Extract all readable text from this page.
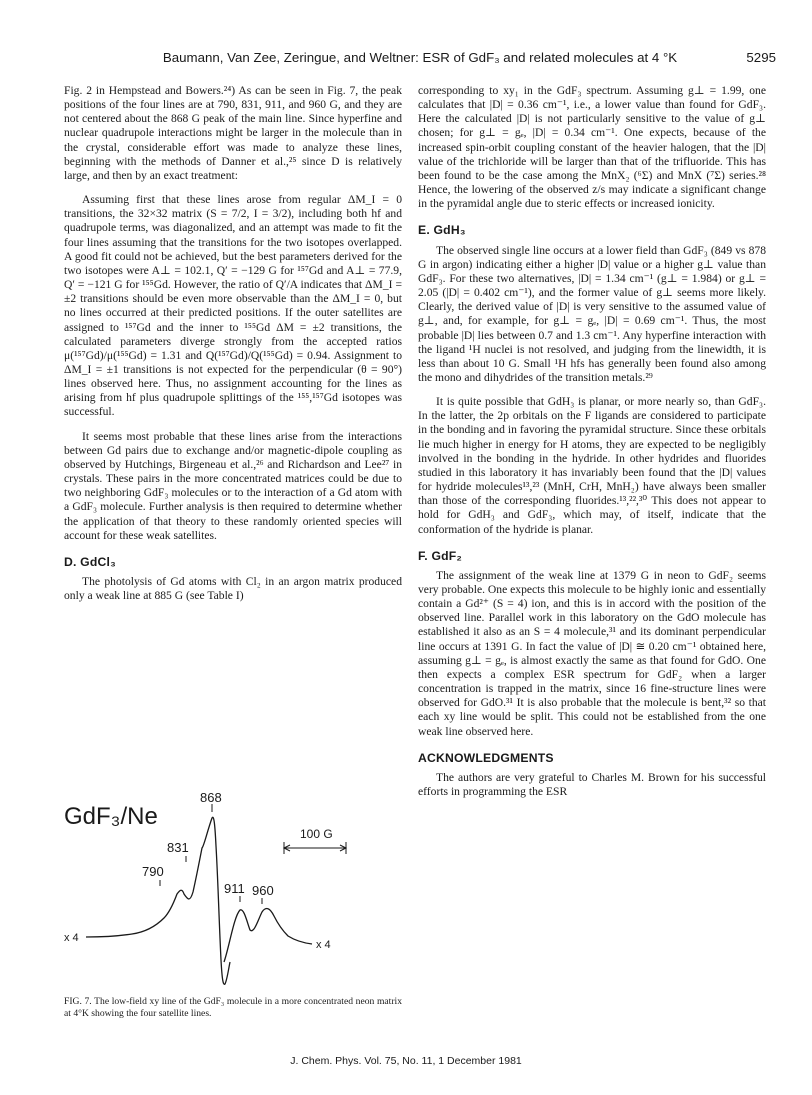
Baumann, Van Zee, Zeringue, and Weltner: ESR of GdF₃ and related molecules at 4 °K	5295

Fig. 2 in Hempstead and Bowers.²⁴) As can be seen in Fig. 7, the peak positions of the four lines are at 790, 831, 911, and 960 G, and they are not centered about the 868 G peak of the main line. Since hyperfine and nuclear quadrupole interactions might be larger in the molecule than in the crystal, considerable effort was made to analyze these lines, beginning with the methods of Danner et al.,²⁵ since D is relatively large, and then by an exact treatment:

Assuming first that these lines arose from regular ΔM_I = 0 transitions, the 32×32 matrix (S = 7/2, I = 3/2), including both hf and quadrupole terms, was diagonalized, and an attempt was made to fit the four lines assuming that the transitions for the two isotopes overlapped. A good fit could not be achieved, but the best parameters derived for the two isotopes were A⊥ = 102.1, Q′ = −129 G for ¹⁵⁷Gd and A⊥ = 77.9, Q′ = −121 G for ¹⁵⁵Gd. However, the ratio of Q′/A indicates that ΔM_I = ±2 transitions should be even more observable than the ΔM_I = 0, but no lines occurred at their predicted positions. If the outer satellites are assigned to ¹⁵⁷Gd and the inner to ¹⁵⁵Gd ΔM = ±2 transitions, the calculated parameters diverge strongly from the accepted ratios μ(¹⁵⁷Gd)/μ(¹⁵⁵Gd) = 1.31 and Q(¹⁵⁷Gd)/Q(¹⁵⁵Gd) = 0.94. Assignment to ΔM_I = ±1 transitions is not expected for the perpendicular (θ = 90°) lines observed here. Thus, no assignment accounting for the lines as arising from hf plus quadrupole splittings of the ¹⁵⁵,¹⁵⁷Gd isotopes was successful.

It seems most probable that these lines arise from the interactions between Gd pairs due to exchange and/or magnetic-dipole coupling as observed by Hutchings, Birgeneau et al.,²⁶ and Richardson and Lee²⁷ in crystals. These pairs in the more concentrated matrices could be due to two neighboring GdF₃ molecules or to the interaction of a Gd atom with a GdF₃ molecule. Further analysis is then required to determine whether the application of that theory to these randomly oriented species will account for these weak satellites.

D. GdCl₃

The photolysis of Gd atoms with Cl₂ in an argon matrix produced only a weak line at 885 G (see Table I)

GdF₃/Ne
790
831
868
911 960
100 G
x 4
x 4
FIG. 7. The low-field xy line of the GdF₃ molecule in a more concentrated neon matrix at 4°K showing the four satellite lines.

corresponding to xy₁ in the GdF₃ spectrum. Assuming g⊥ = 1.99, one calculates that |D| = 0.36 cm⁻¹, i.e., a lower value than found for GdF₃. Here the calculated |D| is not particularly sensitive to the value of g⊥ chosen; for g⊥ = gₑ, |D| = 0.34 cm⁻¹. One expects, because of the increased spin-orbit coupling constant of the heavier halogen, that the |D| value of the trichloride will be larger than that of the trifluoride. This has been found to be the case among the MnX₂ (⁶Σ) and MnX (⁷Σ) series.²⁸ Hence, the lowering of the observed z/s may indicate a significant change in the pyramidal angle due to steric effects or increased ionicity.

E. GdH₃

The observed single line occurs at a lower field than GdF₃ (849 vs 878 G in argon) indicating either a higher |D| value or a higher g⊥ value than GdF₃. For these two alternatives, |D| = 1.34 cm⁻¹ (g⊥ = 1.984) or g⊥ = 2.05 (|D| = 0.402 cm⁻¹), and the former value of g⊥ seems more likely. Clearly, the derived value of |D| is very sensitive to the assumed value of g⊥, and, for example, for g⊥ = gₑ, |D| = 0.69 cm⁻¹. Thus, the most probable |D| lies between 0.7 and 1.3 cm⁻¹. Any hyperfine interaction with the ligand ¹H nuclei is not resolved, and judging from the linewidth, it is less than about 10 G. Small ¹H hfs has generally been found also among the mono and dihydrides of the transition metals.²⁹

It is quite possible that GdH₃ is planar, or more nearly so, than GdF₃. In the latter, the 2p orbitals on the F ligands are considered to participate in the bonding and in favoring the pyramidal structure. Since these orbitals lie much higher in energy for H atoms, they are expected to be negligibly involved in the bonding in the hydride. In other hydrides and fluorides studied in this laboratory it has invariably been found that the |D| values for hydride molecules¹³,²³ (MnH, CrH, MnH₂) have always been smaller than those of the corresponding fluorides.¹³,²²,³⁰ This does not appear to hold for GdH₃ and GdF₃, which may, of itself, indicate that the conformation of the hydride is planar.

F. GdF₂

The assignment of the weak line at 1379 G in neon to GdF₂ seems very probable. One expects this molecule to be highly ionic and essentially contain a Gd²⁺ (S = 4) ion, and this is in accord with the position of the observed line. Parallel work in this laboratory on the GdO molecule has established it also as an S = 4 molecule,³¹ and its dominant perpendicular line occurs at 1391 G. In fact the value of |D| ≅ 0.20 cm⁻¹ obtained here, assuming g⊥ = gₑ, is almost exactly the same as that found for GdO. One then expects a complex ESR spectrum for GdF₂ when a larger concentration is trapped in the matrix, since 16 fine-structure lines were observed for GdO.³¹ It is also probable that the molecule is bent,³² so that each xy line would be split. This could not be established from the one weak line observed here.

ACKNOWLEDGMENTS

The authors are very grateful to Charles M. Brown for his successful efforts in programming the ESR

J. Chem. Phys. Vol. 75, No. 11, 1 December 1981
